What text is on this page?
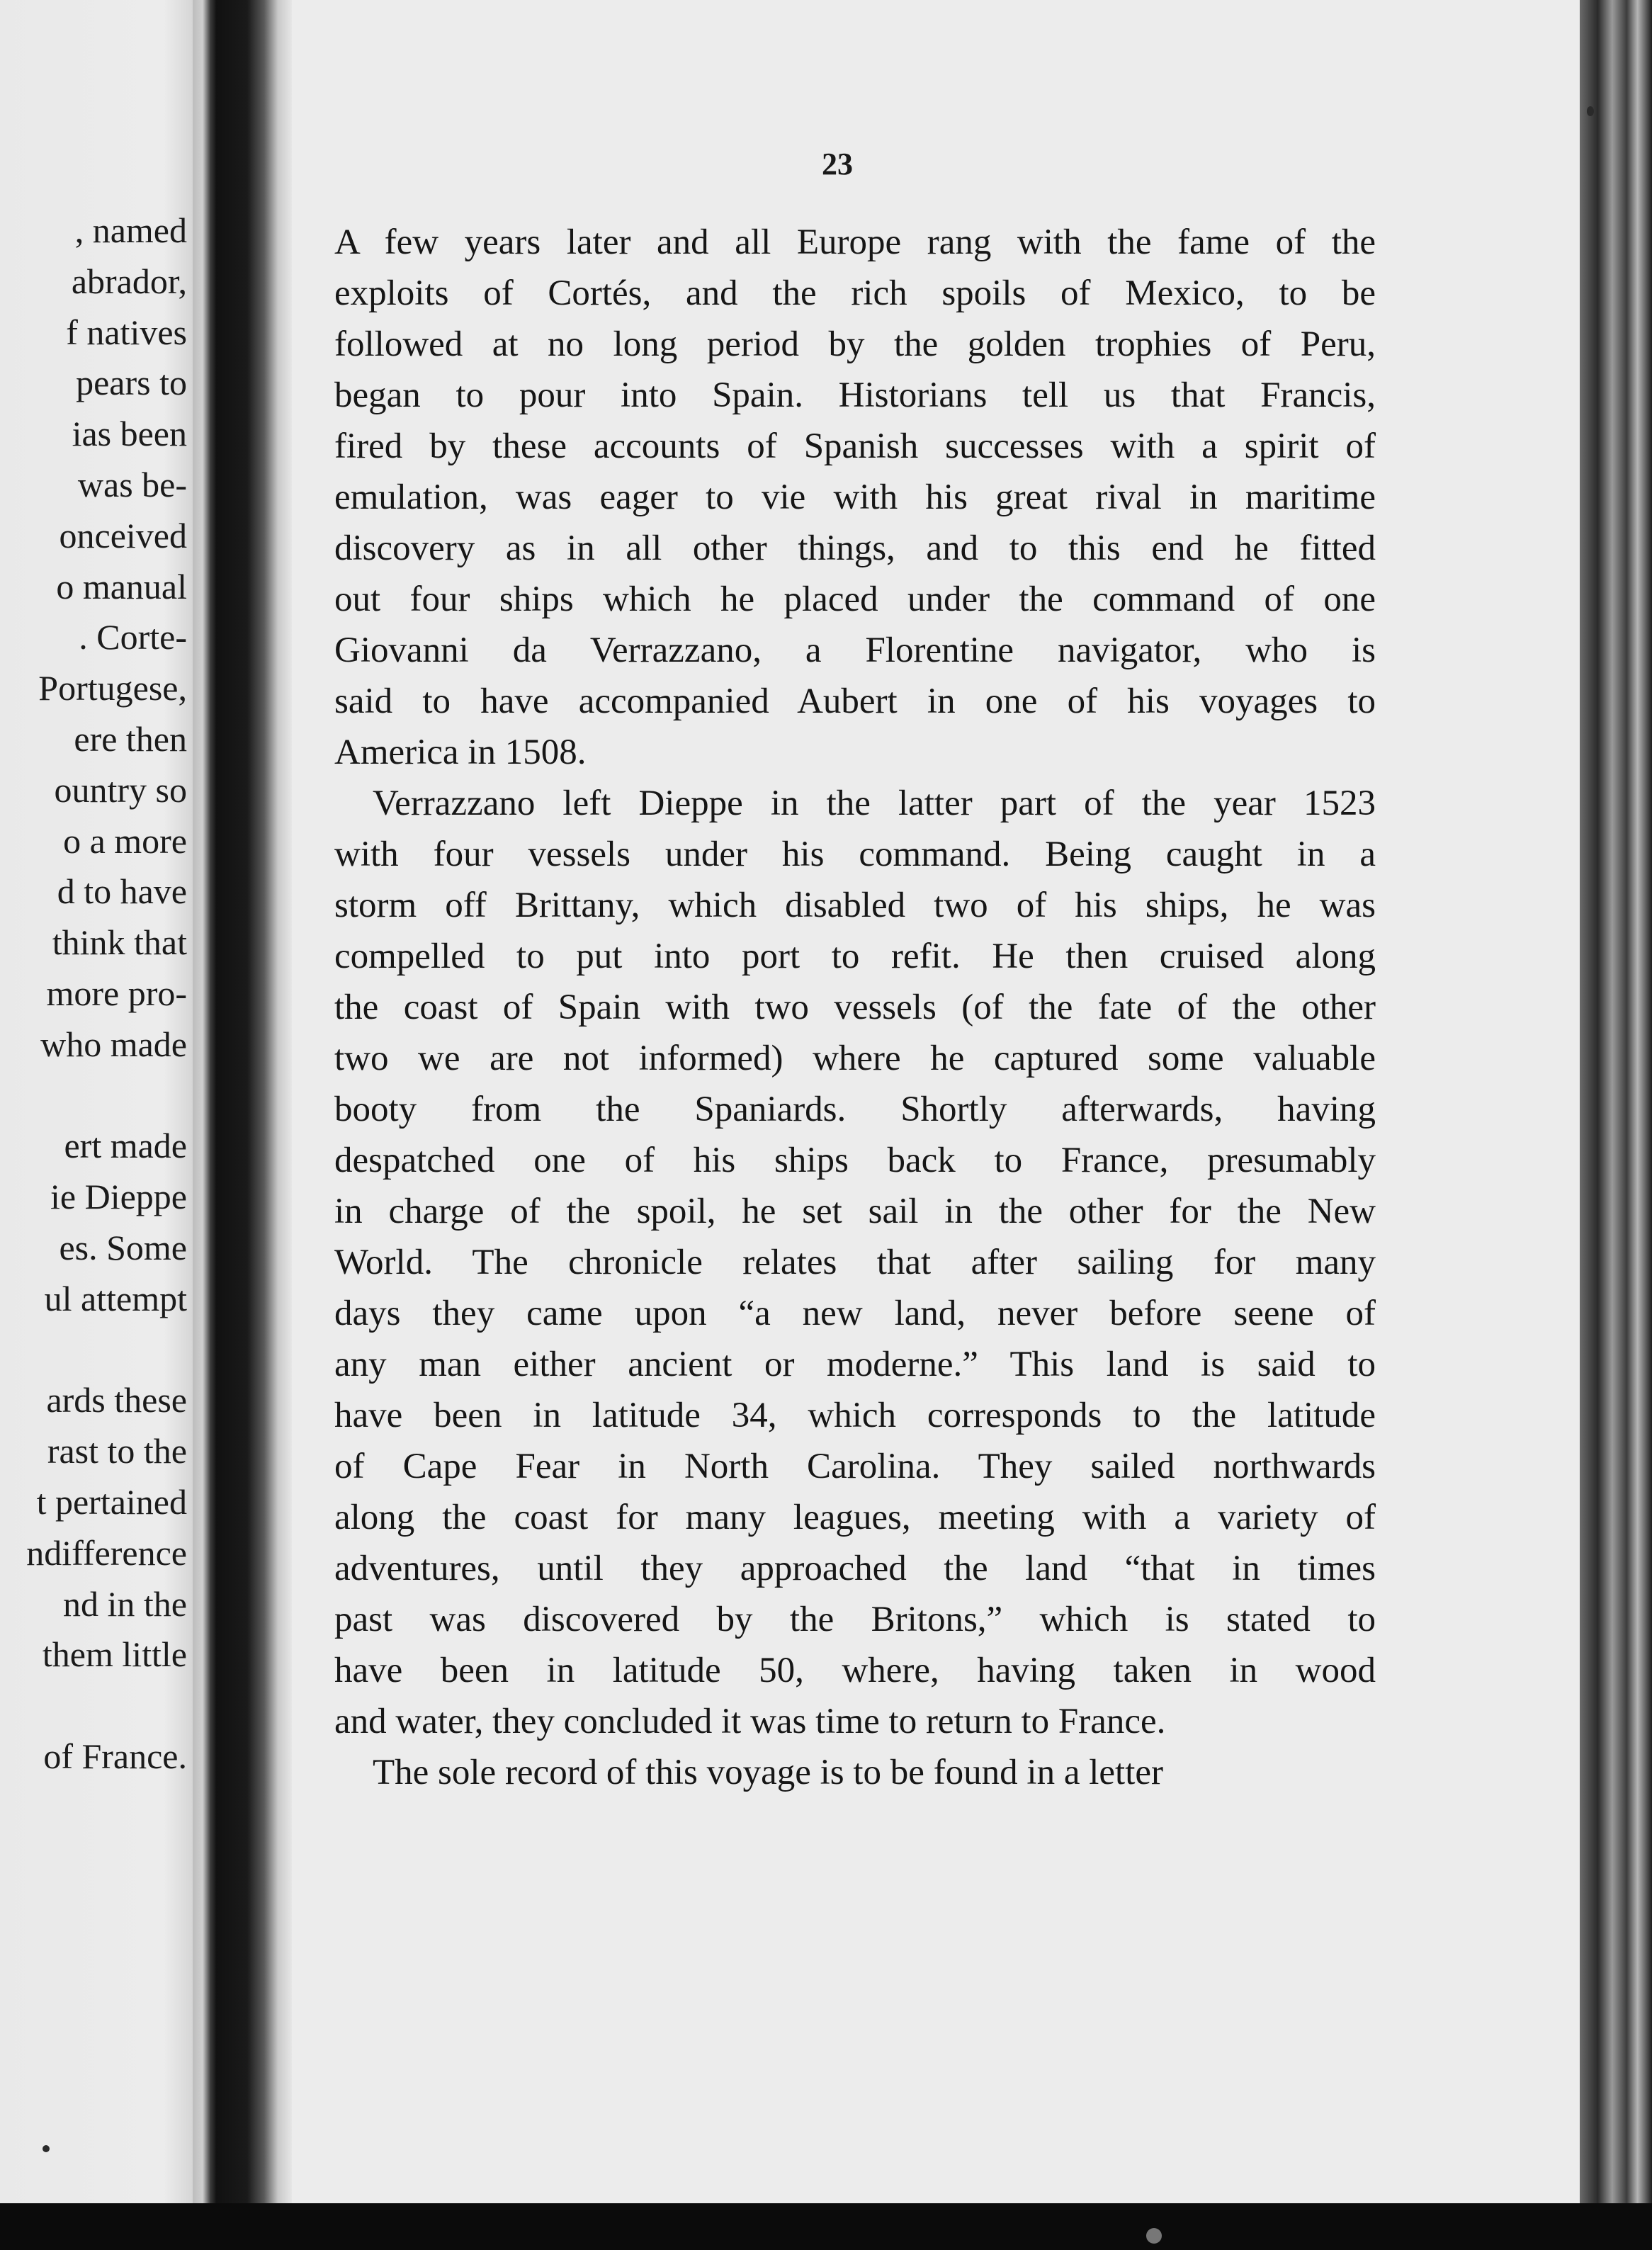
, named
abrador,
f natives
pears to
ias been
was be-
onceived
o manual
. Corte-
Portugese,
ere then
ountry so
o a more
d to have
think that
more pro-
who made
ert made
ie Dieppe
es. Some
ul attempt
ards these
rast to the
t pertained
ndifference
nd in the
them little
of France.
23
A few years later and all Europe rang with the fame of the
exploits of Cortés, and the rich spoils of Mexico, to be
followed at no long period by the golden trophies of Peru,
began to pour into Spain. Historians tell us that Francis,
fired by these accounts of Spanish successes with a spirit of
emulation, was eager to vie with his great rival in maritime
discovery as in all other things, and to this end he fitted
out four ships which he placed under the command of one
Giovanni da Verrazzano, a Florentine navigator, who is
said to have accompanied Aubert in one of his voyages to
America in 1508.
Verrazzano left Dieppe in the latter part of the year 1523
with four vessels under his command. Being caught in a
storm off Brittany, which disabled two of his ships, he was
compelled to put into port to refit. He then cruised along
the coast of Spain with two vessels (of the fate of the other
two we are not informed) where he captured some valuable
booty from the Spaniards. Shortly afterwards, having
despatched one of his ships back to France, presumably
in charge of the spoil, he set sail in the other for the New
World. The chronicle relates that after sailing for many
days they came upon “a new land, never before seene of
any man either ancient or moderne.” This land is said to
have been in latitude 34, which corresponds to the latitude
of Cape Fear in North Carolina. They sailed northwards
along the coast for many leagues, meeting with a variety of
adventures, until they approached the land “that in times
past was discovered by the Britons,” which is stated to
have been in latitude 50, where, having taken in wood
and water, they concluded it was time to return to France.
The sole record of this voyage is to be found in a letter
